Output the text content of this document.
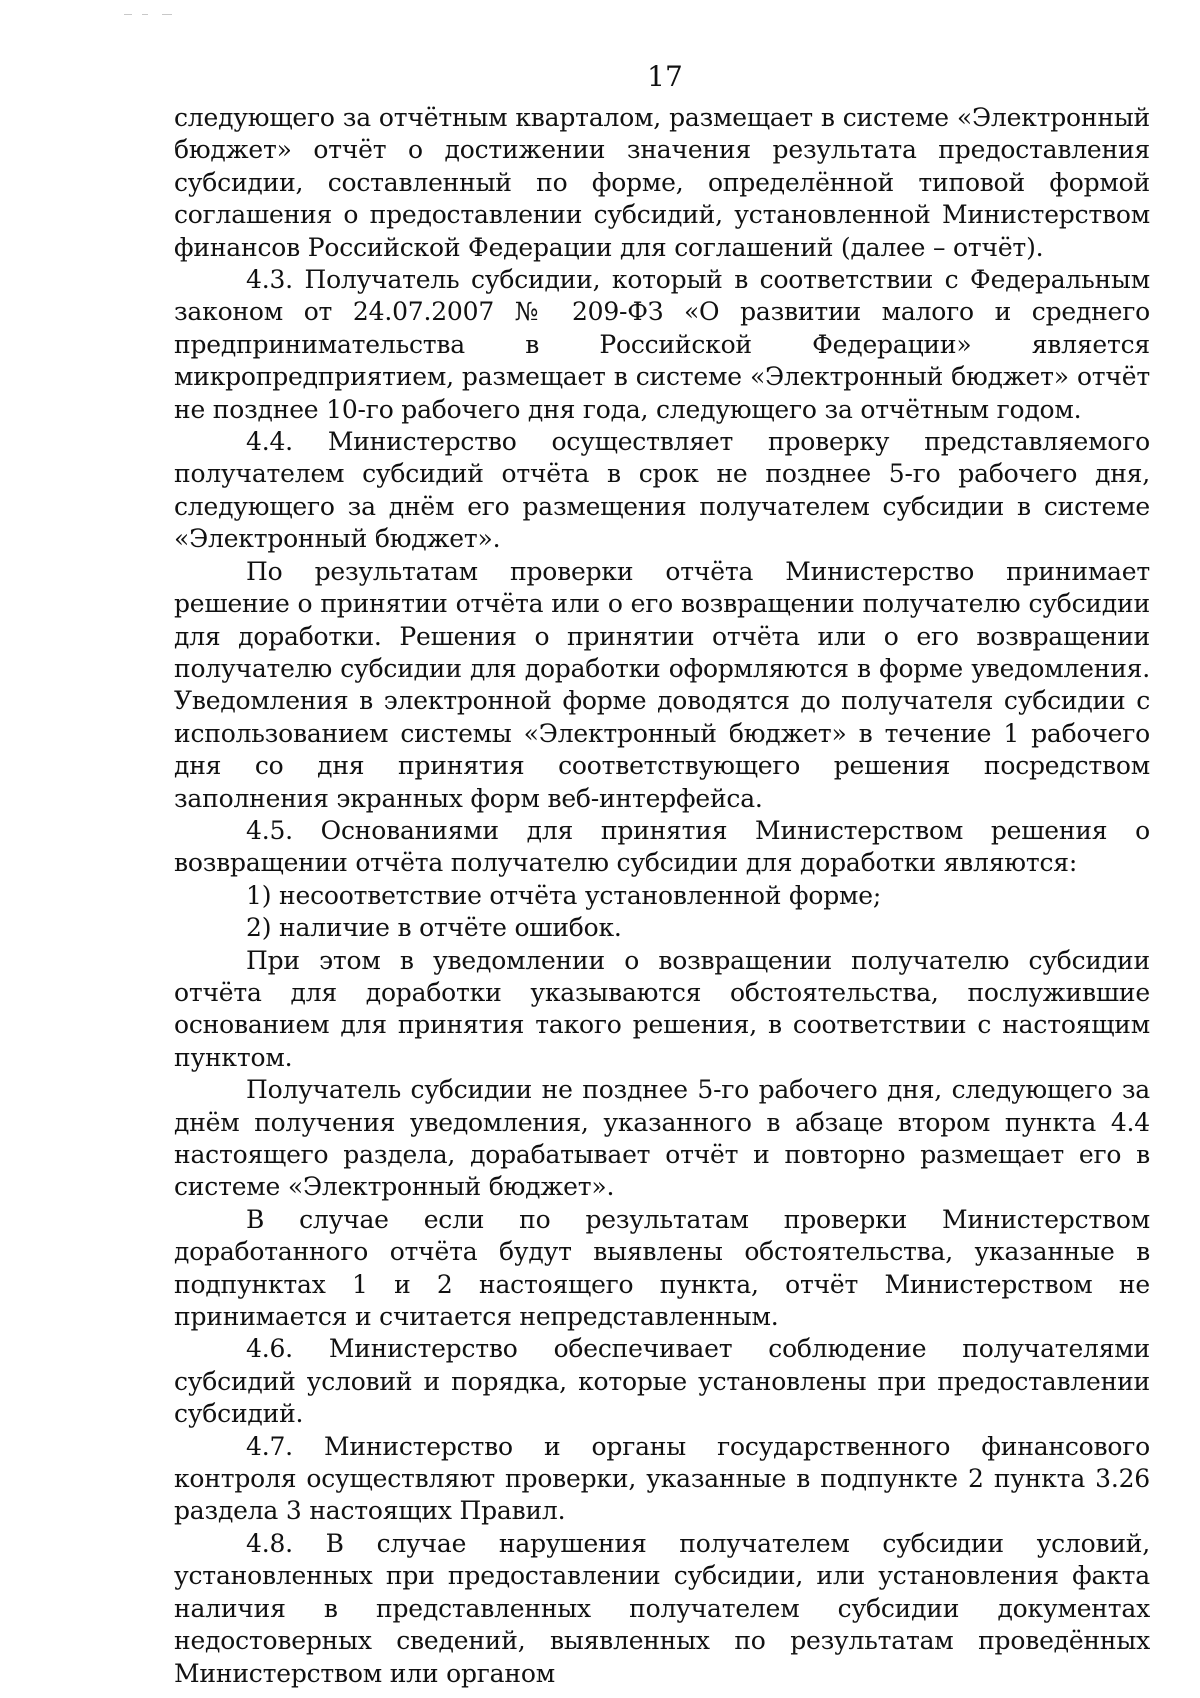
17

следующего за отчётным кварталом, размещает в системе «Электронный бюджет» отчёт о достижении значения результата предоставления субсидии, составленный по форме, определённой типовой формой соглашения о предоставлении субсидий, установленной Министерством финансов Российской Федерации для соглашений (далее – отчёт).

4.3. Получатель субсидии, который в соответствии с Федеральным законом от 24.07.2007 № 209-ФЗ «О развитии малого и среднего предпринимательства в Российской Федерации» является микропредприятием, размещает в системе «Электронный бюджет» отчёт не позднее 10-го рабочего дня года, следующего за отчётным годом.

4.4. Министерство осуществляет проверку представляемого получателем субсидий отчёта в срок не позднее 5-го рабочего дня, следующего за днём его размещения получателем субсидии в системе «Электронный бюджет».

По результатам проверки отчёта Министерство принимает решение о принятии отчёта или о его возвращении получателю субсидии для доработки. Решения о принятии отчёта или о его возвращении получателю субсидии для доработки оформляются в форме уведомления. Уведомления в электронной форме доводятся до получателя субсидии с использованием системы «Электронный бюджет» в течение 1 рабочего дня со дня принятия соответствующего решения посредством заполнения экранных форм веб-интерфейса.

4.5. Основаниями для принятия Министерством решения о возвращении отчёта получателю субсидии для доработки являются:

1) несоответствие отчёта установленной форме;

2) наличие в отчёте ошибок.

При этом в уведомлении о возвращении получателю субсидии отчёта для доработки указываются обстоятельства, послужившие основанием для принятия такого решения, в соответствии с настоящим пунктом.

Получатель субсидии не позднее 5-го рабочего дня, следующего за днём получения уведомления, указанного в абзаце втором пункта 4.4 настоящего раздела, дорабатывает отчёт и повторно размещает его в системе «Электронный бюджет».

В случае если по результатам проверки Министерством доработанного отчёта будут выявлены обстоятельства, указанные в подпунктах 1 и 2 настоящего пункта, отчёт Министерством не принимается и считается непредставленным.

4.6. Министерство обеспечивает соблюдение получателями субсидий условий и порядка, которые установлены при предоставлении субсидий.

4.7. Министерство и органы государственного финансового контроля осуществляют проверки, указанные в подпункте 2 пункта 3.26 раздела 3 настоящих Правил.

4.8. В случае нарушения получателем субсидии условий, установленных при предоставлении субсидии, или установления факта наличия в представленных получателем субсидии документах недостоверных сведений, выявленных по результатам проведённых Министерством или органом
